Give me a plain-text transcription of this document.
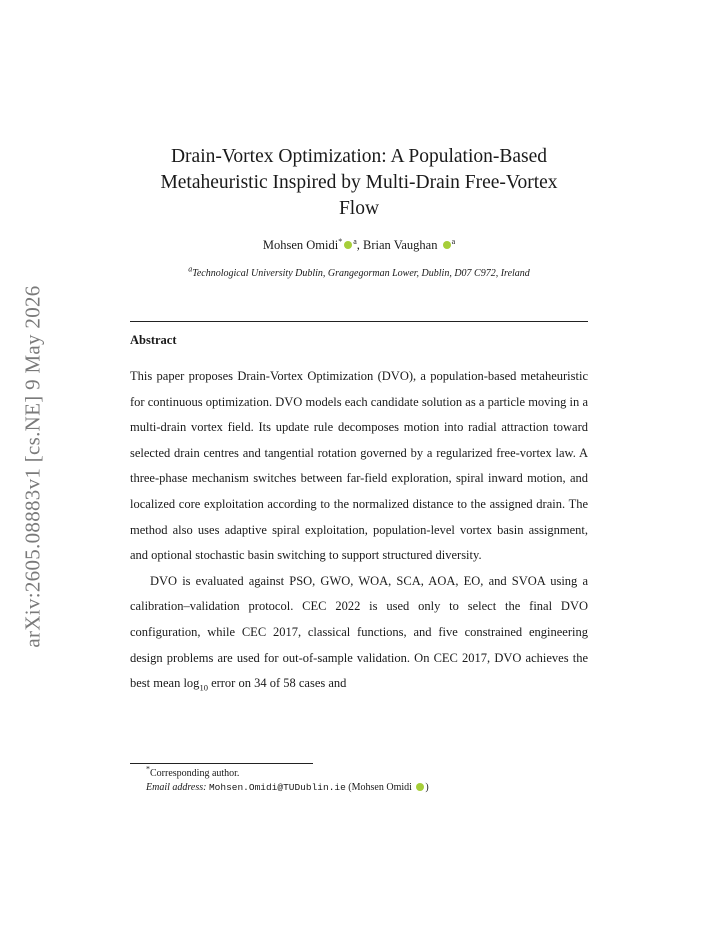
arXiv:2605.08883v1 [cs.NE] 9 May 2026
Drain-Vortex Optimization: A Population-Based
Metaheuristic Inspired by Multi-Drain Free-Vortex
Flow
Mohsen Omidi* $^a$, Brian Vaughan $^a$
$^a$Technological University Dublin, Grangegorman Lower, Dublin, D07 C972, Ireland
Abstract

This paper proposes Drain-Vortex Optimization (DVO), a population-based metaheuristic for continuous optimization. DVO models each candidate solution as a particle moving in a multi-drain vortex field. Its update rule decomposes motion into radial attraction toward selected drain centres and tangential rotation governed by a regularized free-vortex law. A three-phase mechanism switches between far-field exploration, spiral inward motion, and localized core exploitation according to the normalized distance to the assigned drain. The method also uses adaptive spiral exploitation, population-level vortex basin assignment, and optional stochastic basin switching to support structured diversity.

DVO is evaluated against PSO, GWO, WOA, SCA, AOA, EO, and SVOA using a calibration–validation protocol. CEC 2022 is used only to select the final DVO configuration, while CEC 2017, classical functions, and five constrained engineering design problems are used for out-of-sample validation. On CEC 2017, DVO achieves the best mean $\log_{10}$ error on 34 of 58 cases and

*Corresponding author.
Email address: Mohsen.Omidi@TUDublin.ie (Mohsen Omidi )
